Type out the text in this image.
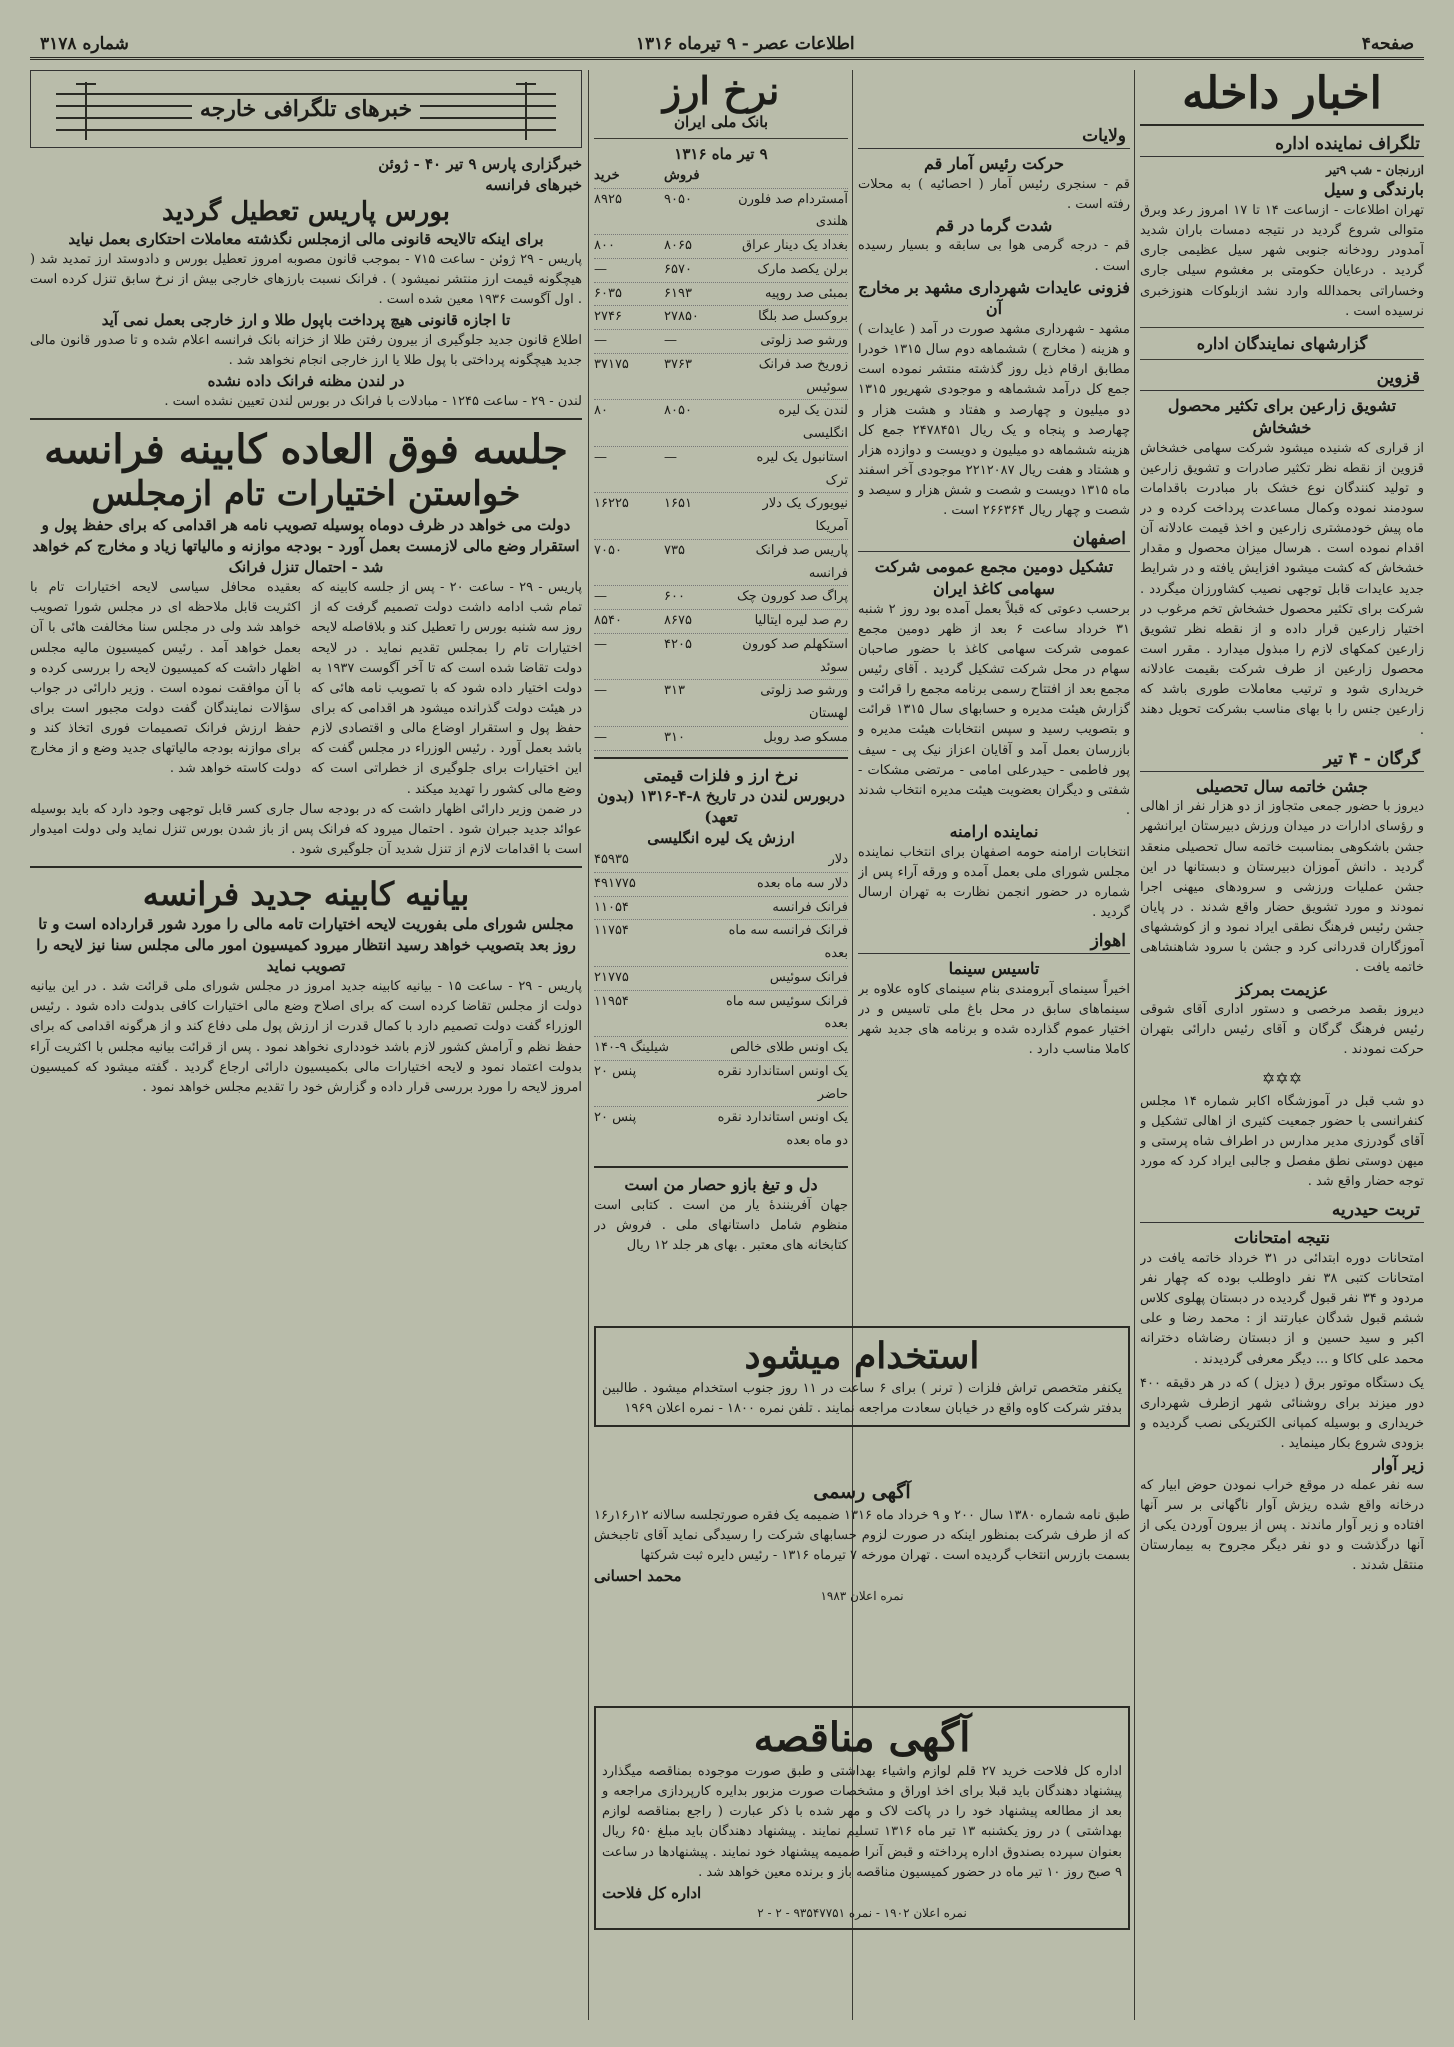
صفحه۴
اطلاعات عصر - ۹ تیرماه ۱۳۱۶
شماره ۳۱۷۸
اخبار داخله
تلگراف نماینده اداره
ازرنجان - شب ۹تیر
بارندگی و سیل
تهران اطلاعات - ازساعت ۱۴ تا ۱۷ امروز رعد وبرق متوالی شروع گردید در نتیجه دمسات باران شدید آمدودر رودخانه جنوبی شهر سیل عظیمی جاری گردید . درعایان حکومتی بر مغشوم سیلی جاری وخساراتی بحمدالله وارد نشد ازبلوکات هنوزخبری نرسیده است .
گزارشهای نمایندگان اداره
قزوین
تشویق زارعین برای تکثیر محصول خشخاش
از قراری که شنیده میشود شرکت سهامی خشخاش قزوین از نقطه نظر تکثیر صادرات و تشویق زارعین و تولید کنندگان نوع خشک بار مبادرت باقدامات سودمند نموده وکمال مساعدت پرداخت کرده و در ماه پیش خودمشتری زارعین و اخذ قیمت عادلانه آن اقدام نموده است . هرسال میزان محصول و مقدار خشخاش که کشت میشود افزایش یافته و در شرایط جدید عایدات قابل توجهی نصیب کشاورزان میگردد . شرکت برای تکثیر محصول خشخاش تخم مرغوب در اختیار زارعین قرار داده و از نقطه نظر تشویق زارعین کمکهای لازم را مبذول میدارد . مقرر است محصول زارعین از طرف شرکت بقیمت عادلانه خریداری شود و ترتیب معاملات طوری باشد که زارعین جنس را با بهای مناسب بشرکت تحویل دهند .
گرگان - ۴ تیر
جشن خاتمه سال تحصیلی
دیروز با حضور جمعی متجاوز از دو هزار نفر از اهالی و رؤسای ادارات در میدان ورزش دبیرستان ایرانشهر جشن باشکوهی بمناسبت خاتمه سال تحصیلی منعقد گردید . دانش آموزان دبیرستان و دبستانها در این جشن عملیات ورزشی و سرودهای میهنی اجرا نمودند و مورد تشویق حضار واقع شدند . در پایان جشن رئیس فرهنگ نطقی ایراد نمود و از کوششهای آموزگاران قدردانی کرد و جشن با سرود شاهنشاهی خاتمه یافت .
عزیمت بمرکز
دیروز بقصد مرخصی و دستور اداری آقای شوقی رئیس فرهنگ گرگان و آقای رئیس دارائی بتهران حرکت نمودند .
✡✡✡
دو شب قبل در آموزشگاه اکابر شماره ۱۴ مجلس کنفرانسی با حضور جمعیت کثیری از اهالی تشکیل و آقای گودرزی مدیر مدارس در اطراف شاه پرستی و میهن دوستی نطق مفصل و جالبی ایراد کرد که مورد توجه حضار واقع شد .
تربت حیدریه
نتیجه امتحانات
امتحانات دوره ابتدائی در ۳۱ خرداد خاتمه یافت در امتحانات کتبی ۳۸ نفر داوطلب بوده که چهار نفر مردود و ۳۴ نفر قبول گردیده در دبستان پهلوی کلاس ششم قبول شدگان عبارتند از : محمد رضا و علی اکبر و سید حسین و از دبستان رضاشاه دخترانه محمد علی کاکا و ... دیگر معرفی گردیدند .
یک دستگاه موتور برق ( دیزل ) که در هر دقیقه ۴۰۰ دور میزند برای روشنائی شهر ازطرف شهرداری خریداری و بوسیله کمپانی الکتریکی نصب گردیده و بزودی شروع بکار مینماید .
زیر آوار
سه نفر عمله در موقع خراب نمودن حوض ابیار که درخانه واقع شده ریزش آوار ناگهانی بر سر آنها افتاده و زیر آوار ماندند . پس از بیرون آوردن یکی از آنها درگذشت و دو نفر دیگر مجروح به بیمارستان منتقل شدند .
ولایات
حرکت رئیس آمار قم
قم - سنجری رئیس آمار ( احصائیه ) به محلات رفته است .
شدت گرما در قم
قم - درجه گرمی هوا بی سابقه و بسیار رسیده است .
فزونی عایدات شهرداری مشهد بر مخارج آن
مشهد - شهرداری مشهد صورت در آمد ( عایدات ) و هزینه ( مخارج ) ششماهه دوم سال ۱۳۱۵ خودرا مطابق ارقام ذیل روز گذشته منتشر نموده است جمع کل درآمد ششماهه و موجودی شهریور ۱۳۱۵ دو میلیون و چهارصد و هفتاد و هشت هزار و چهارصد و پنجاه و یک ریال ۲۴۷۸۴۵۱ جمع کل هزینه ششماهه دو میلیون و دویست و دوازده هزار و هشتاد و هفت ریال ۲۲۱۲۰۸۷ موجودی آخر اسفند ماه ۱۳۱۵ دویست و شصت و شش هزار و سیصد و شصت و چهار ریال ۲۶۶۳۶۴ است .
اصفهان
تشکیل دومین مجمع عمومی شرکت سهامی کاغذ ایران
برحسب دعوتی که قبلاً بعمل آمده بود روز ۲ شنبه ۳۱ خرداد ساعت ۶ بعد از ظهر دومین مجمع عمومی شرکت سهامی کاغذ با حضور صاحبان سهام در محل شرکت تشکیل گردید . آقای رئیس مجمع بعد از افتتاح رسمی برنامه مجمع را قرائت و گزارش هیئت مدیره و حسابهای سال ۱۳۱۵ قرائت و بتصویب رسید و سپس انتخابات هیئت مدیره و بازرسان بعمل آمد و آقایان اعزاز نیک پی - سیف پور فاطمی - حیدرعلی امامی - مرتضی مشکات - شفتی و دیگران بعضویت هیئت مدیره انتخاب شدند .
نماینده ارامنه
انتخابات ارامنه حومه اصفهان برای انتخاب نماینده مجلس شورای ملی بعمل آمده و ورقه آراء پس از شماره در حضور انجمن نظارت به تهران ارسال گردید .
اهواز
تاسیس سینما
اخیراً سینمای آبرومندی بنام سینمای کاوه علاوه بر سینماهای سابق در محل باغ ملی تاسیس و در اختیار عموم گذارده شده و برنامه های جدید شهر کاملا مناسب دارد .
نرخ ارز
بانک ملی ایران
۹ تیر ماه ۱۳۱۶
فروش
خرید
آمستردام صد فلورن هلندی
۹۰۵۰
۸۹۲۵
بغداد یک دینار عراق
۸۰۶۵
۸۰۰
برلن یکصد مارک
۶۵۷۰
—
بمبئی صد روپیه
۶۱۹۳
۶۰۳۵
بروکسل صد بلگا
۲۷۸۵۰
۲۷۴۶
ورشو صد زلوتی
—
—
زوریخ صد فرانک سوئیس
۳۷۶۳
۳۷۱۷۵
لندن یک لیره انگلیسی
۸۰۵۰
۸۰
استانبول یک لیره ترک
—
—
نیویورک یک دلار آمریکا
۱۶۵۱
۱۶۲۲۵
پاریس صد فرانک فرانسه
۷۳۵
۷۰۵۰
پراگ صد کورون چک
۶۰۰
—
رم صد لیره ایتالیا
۸۶۷۵
۸۵۴۰
استکهلم صد کورون سوئد
۴۲۰۵
—
ورشو صد زلوتی لهستان
۳۱۳
—
مسکو صد روبل
۳۱۰
—
نرخ ارز و فلزات قیمتی
دربورس لندن در تاریخ ۸-۴-۱۳۱۶ (بدون تعهد)
ارزش یک لیره انگلیسی
دلار
۴۵۹۳۵
دلار سه ماه بعده
۴۹۱۷۷۵
فرانک فرانسه
۱۱۰۵۴
فرانک فرانسه سه ماه بعده
۱۱۷۵۴
فرانک سوئیس
۲۱۷۷۵
فرانک سوئیس سه ماه بعده
۱۱۹۵۴
یک اونس طلای خالص
۱۴۰-۹ شیلینگ
یک اونس استاندارد نقره حاضر
۲۰ پنس
یک اونس استاندارد نقره دو ماه بعده
۲۰ پنس
دل و تیغ بازو حصار من است
جهان آفرینندهٔ یار من است . کتابی است منظوم شامل داستانهای ملی . فروش در کتابخانه های معتبر . بهای هر جلد ۱۲ ریال
استخدام میشود
یکنفر متخصص تراش فلزات ( ترنر ) برای ۶ ساعت در ۱۱ روز جنوب استخدام میشود . طالبین بدفتر شرکت کاوه واقع در خیابان سعادت مراجعه نمایند . تلفن نمره ۱۸۰۰ - نمره اعلان ۱۹۶۹
آگهی رسمی
طبق نامه شماره ۱۳۸۰ سال ۲۰۰ و ۹ خرداد ماه ۱۳۱۶ ضمیمه یک فقره صورتجلسه سالانه ۱۲ر۱۶ر۱۶ که از طرف شرکت بمنظور اینکه در صورت لزوم حسابهای شرکت را رسیدگی نماید آقای تاجبخش بسمت بازرس انتخاب گردیده است . تهران مورخه ۷ تیرماه ۱۳۱۶ - رئیس دایره ثبت شرکتها
محمد احسانی
نمره اعلان ۱۹۸۳
آگهی مناقصه
اداره کل فلاحت خرید ۲۷ قلم لوازم واشیاء بهداشتی و طبق صورت موجوده بمناقصه میگذارد پیشنهاد دهندگان باید قبلا برای اخذ اوراق و مشخصات صورت مزبور بدایره کارپردازی مراجعه و بعد از مطالعه پیشنهاد خود را در پاکت لاک و مهر شده با ذکر عبارت ( راجع بمناقصه لوازم بهداشتی ) در روز یکشنبه ۱۳ تیر ماه ۱۳۱۶ تسلیم نمایند . پیشنهاد دهندگان باید مبلغ ۶۵۰ ریال بعنوان سپرده بصندوق اداره پرداخته و قبض آنرا ضمیمه پیشنهاد خود نمایند . پیشنهادها در ساعت ۹ صبح روز ۱۰ تیر ماه در حضور کمیسیون مناقصه باز و برنده معین خواهد شد .
اداره کل فلاحت
نمره اعلان ۱۹۰۲ - نمره ۹۳۵۴۷۷۵۱ - ۲ - ۲
خبرهای تلگرافی خارجه
خبرگزاری پارس ۹ تیر ۴۰ - ژوئن
خبرهای فرانسه
بورس پاریس تعطیل گردید
برای اینکه تالایحه قانونی مالی ازمجلس نگذشته معاملات احتکاری بعمل نیاید
پاریس - ۲۹ ژوئن - ساعت ۷۱۵ - بموجب قانون مصوبه امروز تعطیل بورس و دادوستد ارز تمدید شد ( هیچگونه قیمت ارز منتشر نمیشود ) . فرانک نسبت بارزهای خارجی بیش از نرخ سابق تنزل کرده است . اول آگوست ۱۹۳۶ معین شده است .
تا اجازه قانونی هیچ پرداخت باپول طلا و ارز خارجی بعمل نمی آید
اطلاع قانون جدید جلوگیری از بیرون رفتن طلا از خزانه بانک فرانسه اعلام شده و تا صدور قانون مالی جدید هیچگونه پرداختی با پول طلا یا ارز خارجی انجام نخواهد شد .
در لندن مظنه فرانک داده نشده
لندن - ۲۹ - ساعت ۱۲۴۵ - مبادلات با فرانک در بورس لندن تعیین نشده است .
جلسه فوق العاده کابینه فرانسه
خواستن اختیارات تام ازمجلس
دولت می خواهد در ظرف دوماه بوسیله تصویب نامه هر اقدامی که برای حفظ پول و استقرار وضع مالی لازمست بعمل آورد - بودجه موازنه و مالیاتها زیاد و مخارج کم خواهد شد - احتمال تنزل فرانک
پاریس - ۲۹ - ساعت ۲۰ - پس از جلسه کابینه که تمام شب ادامه داشت دولت تصمیم گرفت که از روز سه شنبه بورس را تعطیل کند و بلافاصله لایحه اختیارات تام را بمجلس تقدیم نماید . در لایحه دولت تقاضا شده است که تا آخر آگوست ۱۹۳۷ به دولت اختیار داده شود که با تصویب نامه هائی که در هیئت دولت گذرانده میشود هر اقدامی که برای حفظ پول و استقرار اوضاع مالی و اقتصادی لازم باشد بعمل آورد . رئیس الوزراء در مجلس گفت که این اختیارات برای جلوگیری از خطراتی است که وضع مالی کشور را تهدید میکند .
بعقیده محافل سیاسی لایحه اختیارات تام با اکثریت قابل ملاحظه ای در مجلس شورا تصویب خواهد شد ولی در مجلس سنا مخالفت هائی با آن بعمل خواهد آمد . رئیس کمیسیون مالیه مجلس اظهار داشت که کمیسیون لایحه را بررسی کرده و با آن موافقت نموده است . وزیر دارائی در جواب سؤالات نمایندگان گفت دولت مجبور است برای حفظ ارزش فرانک تصمیمات فوری اتخاذ کند و برای موازنه بودجه مالیاتهای جدید وضع و از مخارج دولت کاسته خواهد شد .
در ضمن وزیر دارائی اظهار داشت که در بودجه سال جاری کسر قابل توجهی وجود دارد که باید بوسیله عوائد جدید جبران شود . احتمال میرود که فرانک پس از باز شدن بورس تنزل نماید ولی دولت امیدوار است با اقدامات لازم از تنزل شدید آن جلوگیری شود .
بیانیه کابینه جدید فرانسه
مجلس شورای ملی بفوریت لایحه اختیارات تامه مالی را مورد شور قرارداده است و تا روز بعد بتصویب خواهد رسید انتظار میرود کمیسیون امور مالی مجلس سنا نیز لایحه را تصویب نماید
پاریس - ۲۹ - ساعت ۱۵ - بیانیه کابینه جدید امروز در مجلس شورای ملی قرائت شد . در این بیانیه دولت از مجلس تقاضا کرده است که برای اصلاح وضع مالی اختیارات کافی بدولت داده شود . رئیس الوزراء گفت دولت تصمیم دارد با کمال قدرت از ارزش پول ملی دفاع کند و از هرگونه اقدامی که برای حفظ نظم و آرامش کشور لازم باشد خودداری نخواهد نمود . پس از قرائت بیانیه مجلس با اکثریت آراء بدولت اعتماد نمود و لایحه اختیارات مالی بکمیسیون دارائی ارجاع گردید . گفته میشود که کمیسیون امروز لایحه را مورد بررسی قرار داده و گزارش خود را تقدیم مجلس خواهد نمود .
